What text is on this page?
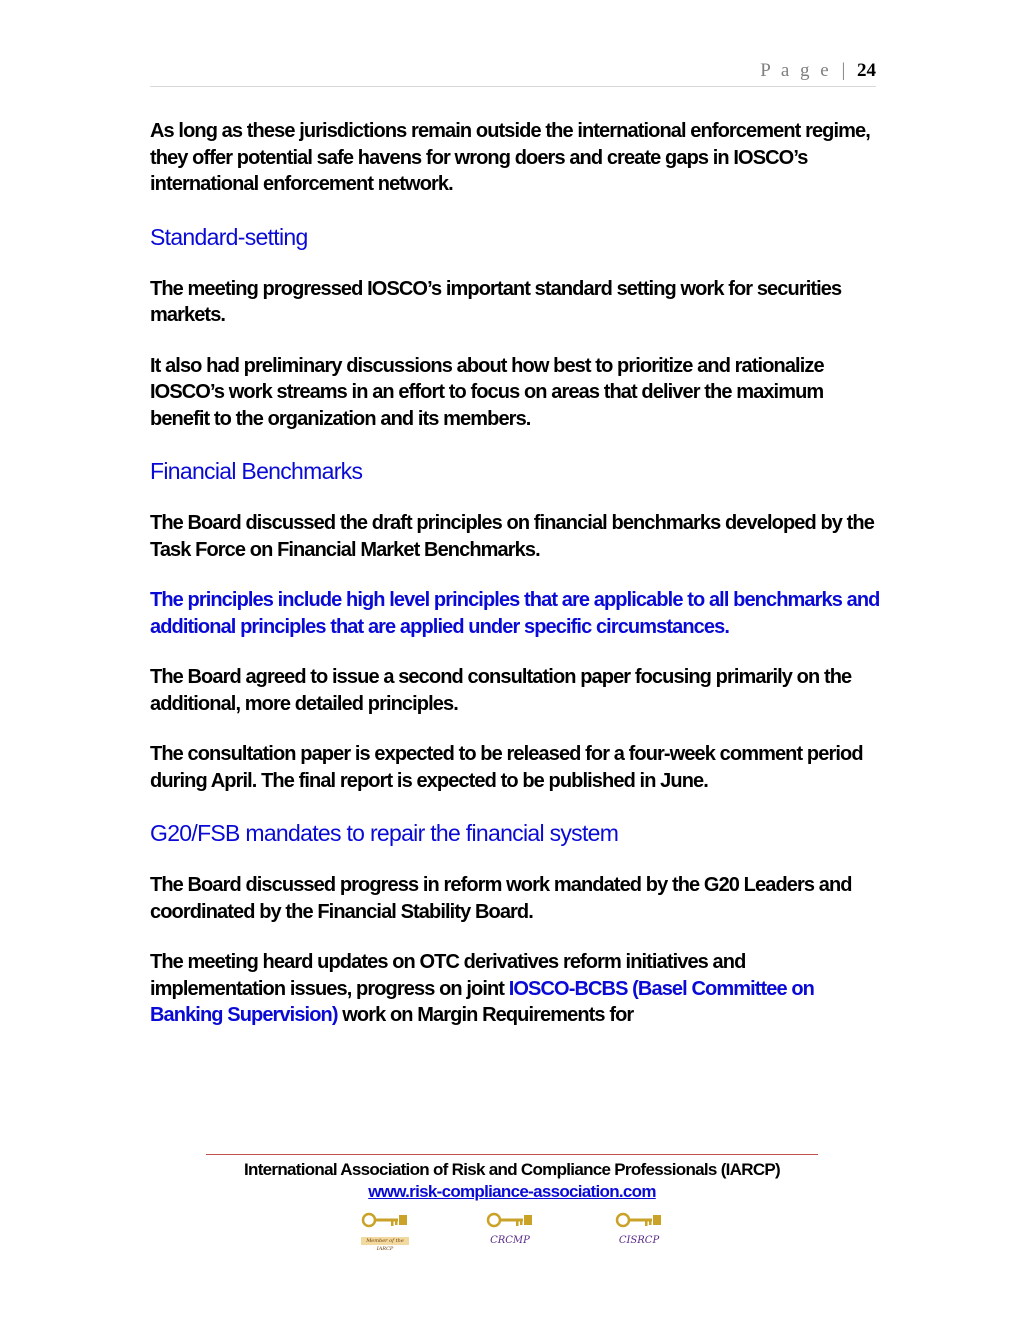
P a g e | 24

As long as these jurisdictions remain outside the international enforcement regime, they offer potential safe havens for wrong doers and create gaps in IOSCO’s international enforcement network.

Standard-setting

The meeting progressed IOSCO’s important standard setting work for securities markets.

It also had preliminary discussions about how best to prioritize and rationalize IOSCO’s work streams in an effort to focus on areas that deliver the maximum benefit to the organization and its members.

Financial Benchmarks

The Board discussed the draft principles on financial benchmarks developed by the Task Force on Financial Market Benchmarks.

The principles include high level principles that are applicable to all benchmarks and additional principles that are applied under specific circumstances.

The Board agreed to issue a second consultation paper focusing primarily on the additional, more detailed principles.

The consultation paper is expected to be released for a four-week comment period during April. The final report is expected to be published in June.

G20/FSB mandates to repair the financial system

The Board discussed progress in reform work mandated by the G20 Leaders and coordinated by the Financial Stability Board.

The meeting heard updates on OTC derivatives reform initiatives and implementation issues, progress on joint IOSCO-BCBS (Basel Committee on Banking Supervision) work on Margin Requirements for

International Association of Risk and Compliance Professionals (IARCP)
www.risk-compliance-association.com
Member of the IARCP
CRCMP	CISRCP
